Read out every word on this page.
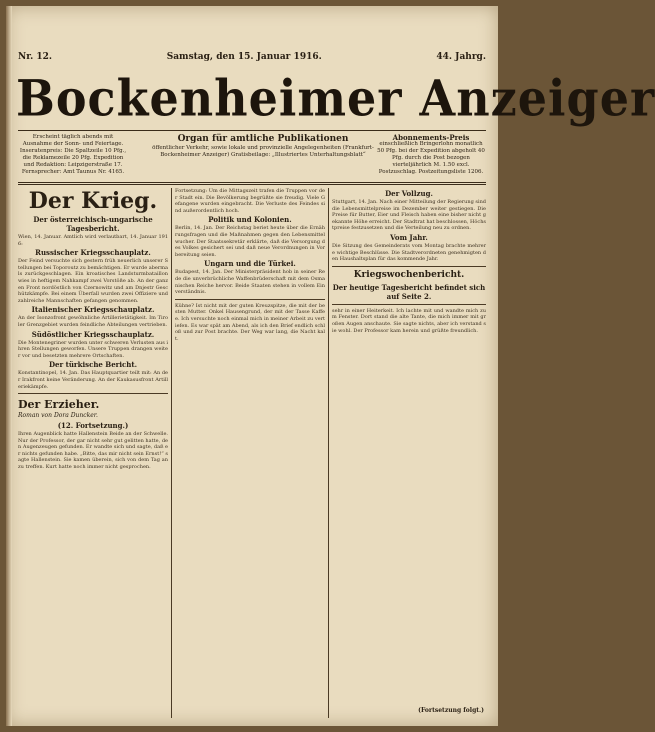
Nr. 12.	Samstag, den 15. Januar 1916.	44. Jahrg.
Bockenheimer Anzeiger
Erscheint täglich abends mit Ausnahme der Sonn- und Feiertage. Inseratenpreis: Die Spaltzeile 10 Pfg., die Reklamezeile 20 Pfg. Expedition und Redaktion: Leipzigerstraße 17. Fernsprecher: Amt Taunus Nr. 4165.
Organ für amtliche Publikationen
öffentlicher Verkehr, sowie lokale und provinzielle Angelegenheiten (Frankfurt-Bockenheimer Anzeiger) Gratisbeilage: „Illustriertes Unterhaltungsblatt“
Abonnements-Preis
einschließlich Bringerlohn monatlich 50 Pfg. bei der Expedition abgeholt 40 Pfg. durch die Post bezogen vierteljährlich M. 1.50 excl. Postzuschlag. Postzeitungsliste 1206.
Der Krieg.
Der österreichisch-ungarische Tagesbericht.
Wien, 14. Januar. Amtlich wird verlautbart, 14. Januar 1916:
Russischer Kriegsschauplatz.
Der Feind versuchte sich gestern früh neuerlich unserer Stellungen bei Toporoutz zu bemächtigen. Er wurde abermals zurückgeschlagen. Ein kroatisches Landsturmbataillon wies in heftigem Nahkampf zwei Vorstöße ab. An der ganzen Front nordöstlich von Czernowitz und am Dnjestr Geschützkämpfe. Bei einem Überfall wurden zwei Offiziere und zahlreiche Mannschaften gefangen genommen.
Italienischer Kriegsschauplatz.
An der Isonzofront gewöhnliche Artillerietätigkeit. Im Tiroler Grenzgebiet wurden feindliche Abteilungen vertrieben.
Südöstlicher Kriegsschauplatz.
Die Montenegriner wurden unter schweren Verlusten aus ihren Stellungen geworfen. Unsere Truppen drangen weiter vor und besetzten mehrere Ortschaften.
Der türkische Bericht.
Konstantinopel, 14. Jan. Das Hauptquartier teilt mit: An der Irakfront keine Veränderung. An der Kaukasusfront Artilleriekämpfe.
Der Erzieher.
Roman von Dora Duncker.
(12. Fortsetzung.)
Ihren Augenblick hatte Hallenstein Beide an der Schwelle. Nur der Professor, der gar nicht sehr gut gelitten hatte, den Augenzeugen gefunden. Er wandte sich und sagte, daß er nichts gefunden habe. „Bitte, das mir nicht sein Ernst!“ sagte Hallenstein. Sie kamen überein, sich von dem Tag an zu treffen. Kurt hatte noch immer nicht gesprochen.
Fortsetzung: Um die Mittagszeit trafen die Truppen vor der Stadt ein. Die Bevölkerung begrüßte sie freudig. Viele Gefangene wurden eingebracht. Die Verluste des Feindes sind außerordentlich hoch.
Politik und Kolonien.
Berlin, 14. Jan. Der Reichstag beriet heute über die Ernährungsfragen und die Maßnahmen gegen den Lebensmittelwucher. Der Staatssekretär erklärte, daß die Versorgung des Volkes gesichert sei und daß neue Verordnungen in Vorbereitung seien.
Ungarn und die Türkei.
Budapest, 14. Jan. Der Ministerpräsident hob in seiner Rede die unverbrüchliche Waffenbrüderschaft mit dem Osmanischen Reiche hervor. Beide Staaten stehen in vollem Einverständnis.
Kühne? Ist nicht mit der guten Kreuzspitze, die mit der besten Mutter. Onkel Hausengrund, der mit der Tasse Kaffee. Ich versuchte noch einmal mich in meiner Arbeit zu vertiefen. Es war spät am Abend, als ich den Brief endlich schloß und zur Post brachte. Der Weg war lang, die Nacht kalt.
Der Vollzug.
Stuttgart, 14. Jan. Nach einer Mitteilung der Regierung sind die Lebensmittelpreise im Dezember weiter gestiegen. Die Preise für Butter, Eier und Fleisch haben eine bisher nicht gekannte Höhe erreicht. Der Stadtrat hat beschlossen, Höchstpreise festzusetzen und die Verteilung neu zu ordnen.
Vom Jahr.
Die Sitzung des Gemeinderats vom Montag brachte mehrere wichtige Beschlüsse. Die Stadtverordneten genehmigten den Haushaltsplan für das kommende Jahr.
Kriegswochenbericht.
Der heutige Tagesbericht befindet sich auf Seite 2.
sehr in einer Heiterkeit. Ich lachte mit und wandte mich zum Fenster. Dort stand die alte Tante, die mich immer mit großen Augen anschaute. Sie sagte nichts, aber ich verstand sie wohl. Der Professor kam herein und grüßte freundlich.
(Fortsetzung folgt.)
